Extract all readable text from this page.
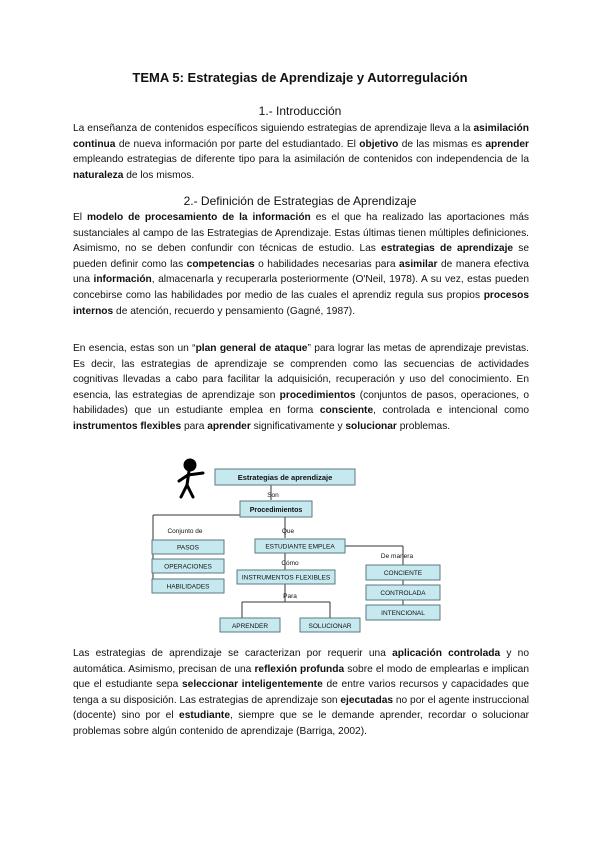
TEMA 5: Estrategias de Aprendizaje y Autorregulación
1.- Introducción

La enseñanza de contenidos específicos siguiendo estrategias de aprendizaje lleva a la asimilación continua de nueva información por parte del estudiantado. El objetivo de las mismas es aprender empleando estrategias de diferente tipo para la asimilación de contenidos con independencia de la naturaleza de los mismos.

2.- Definición de Estrategias de Aprendizaje

El modelo de procesamiento de la información es el que ha realizado las aportaciones más sustanciales al campo de las Estrategias de Aprendizaje. Estas últimas tienen múltiples definiciones. Asimismo, no se deben confundir con técnicas de estudio. Las estrategias de aprendizaje se pueden definir como las competencias o habilidades necesarias para asimilar de manera efectiva una información, almacenarla y recuperarla posteriormente (O'Neil, 1978). A su vez, estas pueden concebirse como las habilidades por medio de las cuales el aprendiz regula sus propios procesos internos de atención, recuerdo y pensamiento (Gagné, 1987).

En esencia, estas son un “plan general de ataque” para lograr las metas de aprendizaje previstas. Es decir, las estrategias de aprendizaje se comprenden como las secuencias de actividades cognitivas llevadas a cabo para facilitar la adquisición, recuperación y uso del conocimiento. En esencia, las estrategias de aprendizaje son procedimientos (conjuntos de pasos, operaciones, o habilidades) que un estudiante emplea en forma consciente, controlada e intencional como instrumentos flexibles para aprender significativamente y solucionar problemas.

Estrategias de aprendizaje
Son
Procedimientos
Conjunto de	Que
PASOS
OPERACIONES
HABILIDADES
ESTUDIANTE EMPLEA
Cómo
INSTRUMENTOS FLEXIBLES
Para
APRENDER	SOLUCIONAR
De manera
CONCIENTE
CONTROLADA
INTENCIONAL

Las estrategias de aprendizaje se caracterizan por requerir una aplicación controlada y no automática. Asimismo, precisan de una reflexión profunda sobre el modo de emplearlas e implican que el estudiante sepa seleccionar inteligentemente de entre varios recursos y capacidades que tenga a su disposición. Las estrategias de aprendizaje son ejecutadas no por el agente instruccional (docente) sino por el estudiante, siempre que se le demande aprender, recordar o solucionar problemas sobre algún contenido de aprendizaje (Barriga, 2002).
